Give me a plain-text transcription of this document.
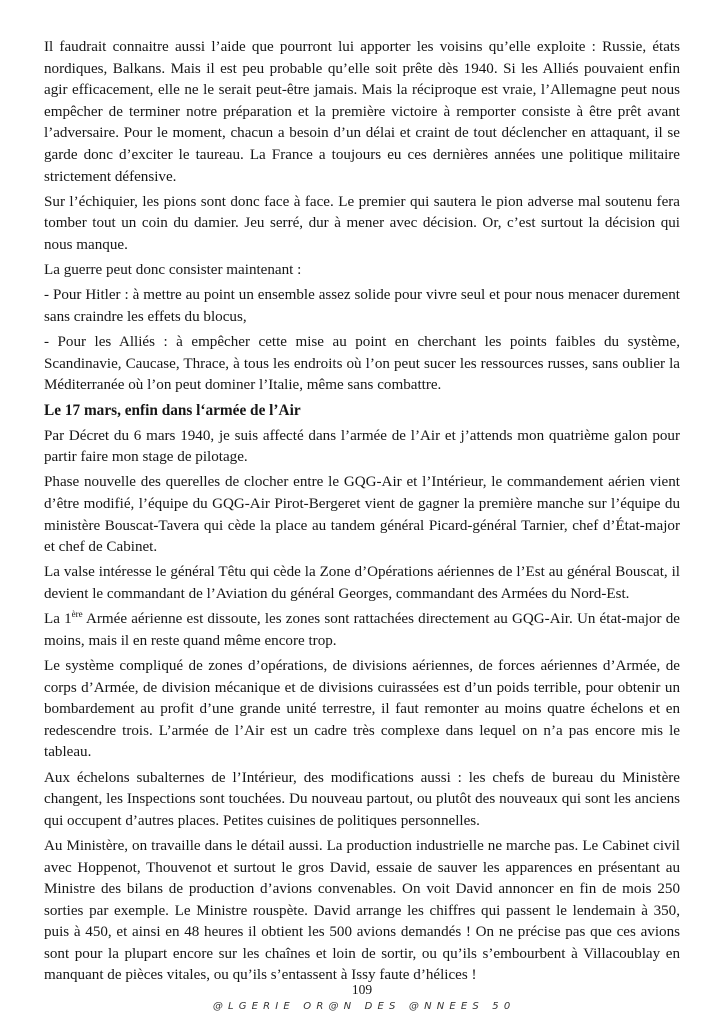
Il faudrait connaitre aussi l’aide que pourront lui apporter les voisins qu’elle exploite : Russie, états nordiques, Balkans. Mais il est peu probable qu’elle soit prête dès 1940. Si les Alliés pouvaient enfin agir efficacement, elle ne le serait peut-être jamais. Mais la réciproque est vraie, l’Allemagne peut nous empêcher de terminer notre préparation et la première victoire à remporter consiste à être prêt avant l’adversaire. Pour le moment, chacun a besoin d’un délai et craint de tout déclencher en attaquant, il se garde donc d’exciter le taureau. La France a toujours eu ces dernières années une politique militaire strictement défensive.

Sur l’échiquier, les pions sont donc face à face. Le premier qui sautera le pion adverse mal soutenu fera tomber tout un coin du damier. Jeu serré, dur à mener avec décision. Or, c’est surtout la décision qui nous manque.

La guerre peut donc consister maintenant :

- Pour Hitler : à mettre au point un ensemble assez solide pour vivre seul et pour nous menacer durement sans craindre les effets du blocus,

- Pour les Alliés : à empêcher cette mise au point en cherchant les points faibles du système, Scandinavie, Caucase, Thrace, à tous les endroits où l’on peut sucer les ressources russes, sans oublier la Méditerranée où l’on peut dominer l’Italie, même sans combattre.

Le 17 mars, enfin dans l‘armée de l’Air

Par Décret du 6 mars 1940, je suis affecté dans l’armée de l’Air et j’attends mon quatrième galon pour partir faire mon stage de pilotage.

Phase nouvelle des querelles de clocher entre le GQG-Air et l’Intérieur, le commandement aérien vient d’être modifié, l’équipe du GQG-Air Pirot-Bergeret vient de gagner la première manche sur l’équipe du ministère Bouscat-Tavera qui cède la place au tandem général Picard-général Tarnier, chef d’État-major et chef de Cabinet.

La valse intéresse le général Têtu qui cède la Zone d’Opérations aériennes de l’Est au général Bouscat, il devient le commandant de l’Aviation du général Georges, commandant des Armées du Nord-Est.

La 1ère Armée aérienne est dissoute, les zones sont rattachées directement au GQG-Air. Un état-major de moins, mais il en reste quand même encore trop.

Le système compliqué de zones d’opérations, de divisions aériennes, de forces aériennes d’Armée, de corps d’Armée, de division mécanique et de divisions cuirassées est d’un poids terrible, pour obtenir un bombardement au profit d’une grande unité terrestre, il faut remonter au moins quatre échelons et en redescendre trois. L’armée de l’Air est un cadre très complexe dans lequel on n’a pas encore mis le tableau.

Aux échelons subalternes de l’Intérieur, des modifications aussi : les chefs de bureau du Ministère changent, les Inspections sont touchées. Du nouveau partout, ou plutôt des nouveaux qui sont les anciens qui occupent d’autres places. Petites cuisines de politiques personnelles.

Au Ministère, on travaille dans le détail aussi. La production industrielle ne marche pas. Le Cabinet civil avec Hoppenot, Thouvenot et surtout le gros David, essaie de sauver les apparences en présentant au Ministre des bilans de production d’avions convenables. On voit David annoncer en fin de mois 250 sorties par exemple. Le Ministre rouspète. David arrange les chiffres qui passent le lendemain à 350, puis à 450, et ainsi en 48 heures il obtient les 500 avions demandés ! On ne précise pas que ces avions sont pour la plupart encore sur les chaînes et loin de sortir, ou qu’ils s’embourbent à Villacoublay en manquant de pièces vitales, ou qu’ils s’entassent à Issy faute d’hélices !

109
@ L G E R I E   O R @ N   D E S   @ N N E E S   5 0
